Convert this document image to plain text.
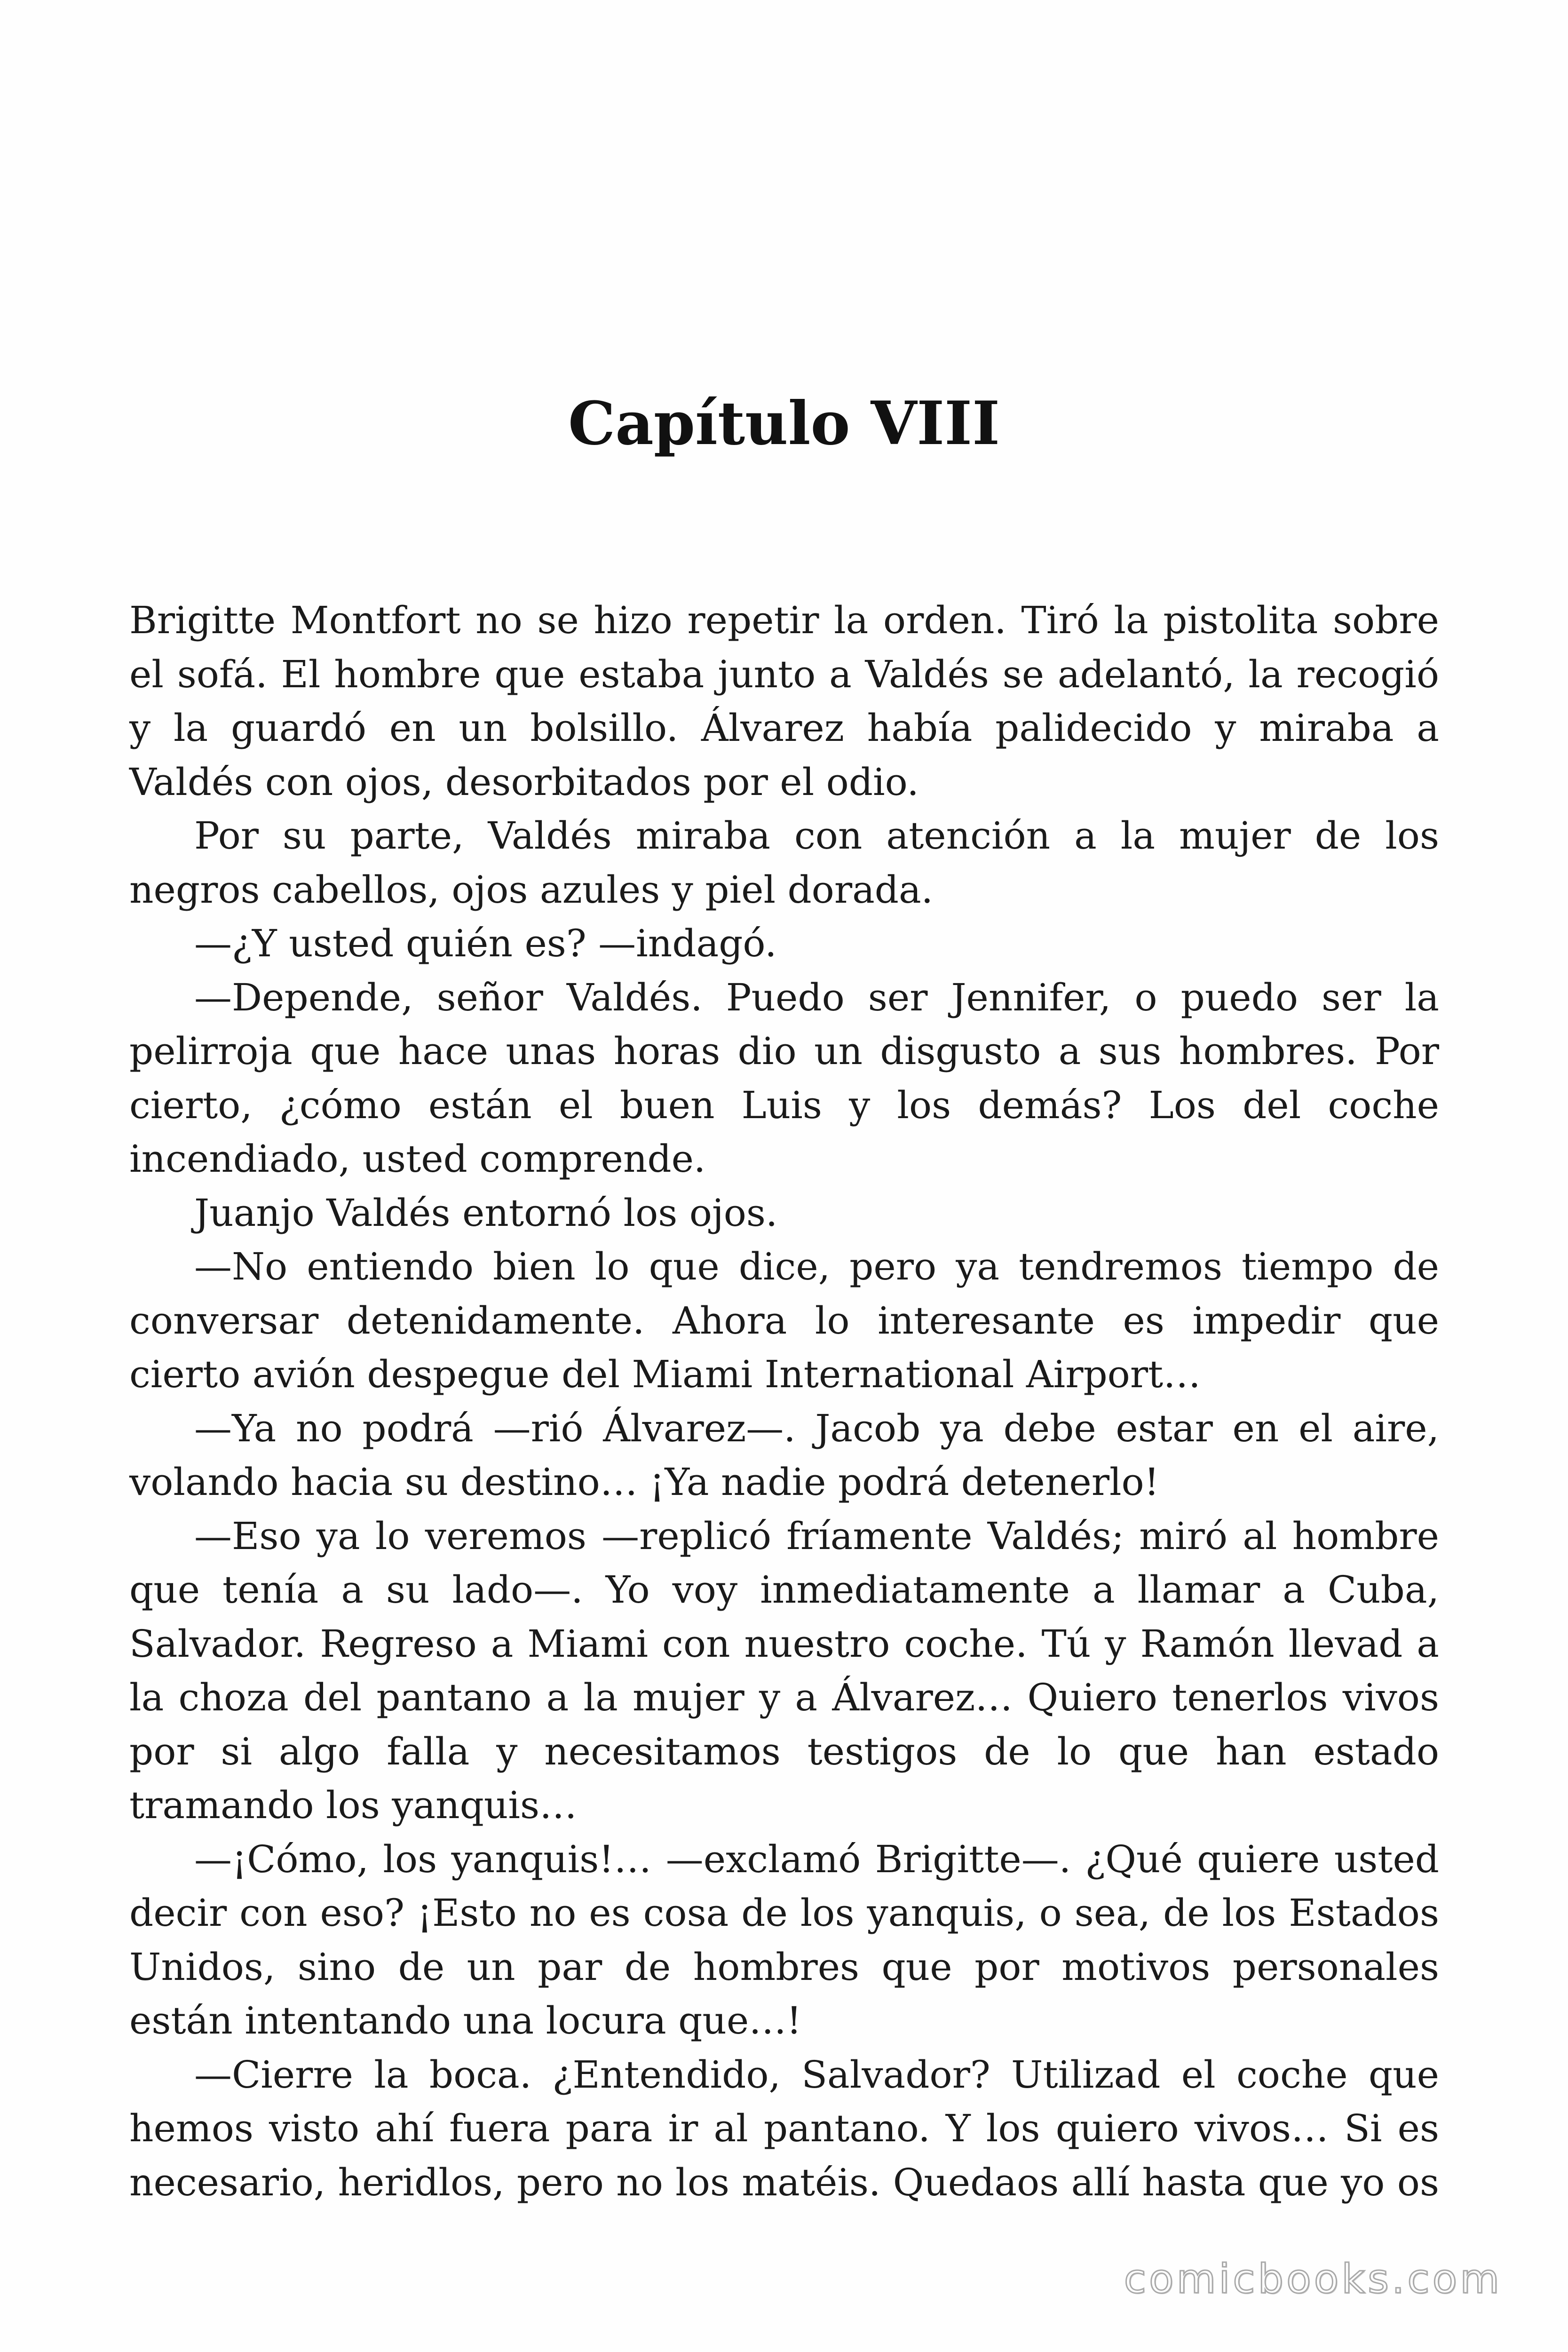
Capítulo VIII

Brigitte Montfort no se hizo repetir la orden. Tiró la pistolita sobre el sofá. El hombre que estaba junto a Valdés se adelantó, la recogió y la guardó en un bolsillo. Álvarez había palidecido y miraba a Valdés con ojos, desorbitados por el odio.

Por su parte, Valdés miraba con atención a la mujer de los negros cabellos, ojos azules y piel dorada.

—¿Y usted quién es? —indagó.

—Depende, señor Valdés. Puedo ser Jennifer, o puedo ser la pelirroja que hace unas horas dio un disgusto a sus hombres. Por cierto, ¿cómo están el buen Luis y los demás? Los del coche incendiado, usted comprende.

Juanjo Valdés entornó los ojos.

—No entiendo bien lo que dice, pero ya tendremos tiempo de conversar detenidamente. Ahora lo interesante es impedir que cierto avión despegue del Miami International Airport…

—Ya no podrá —rió Álvarez—. Jacob ya debe estar en el aire, volando hacia su destino… ¡Ya nadie podrá detenerlo!

—Eso ya lo veremos —replicó fríamente Valdés; miró al hombre que tenía a su lado—. Yo voy inmediatamente a llamar a Cuba, Salvador. Regreso a Miami con nuestro coche. Tú y Ramón llevad a la choza del pantano a la mujer y a Álvarez… Quiero tenerlos vivos por si algo falla y necesitamos testigos de lo que han estado tramando los yanquis…

—¡Cómo, los yanquis!… —exclamó Brigitte—. ¿Qué quiere usted decir con eso? ¡Esto no es cosa de los yanquis, o sea, de los Estados Unidos, sino de un par de hombres que por motivos personales están intentando una locura que…!

—Cierre la boca. ¿Entendido, Salvador? Utilizad el coche que hemos visto ahí fuera para ir al pantano. Y los quiero vivos… Si es necesario, heridlos, pero no los matéis. Quedaos allí hasta que yo os

comicbooks.com
